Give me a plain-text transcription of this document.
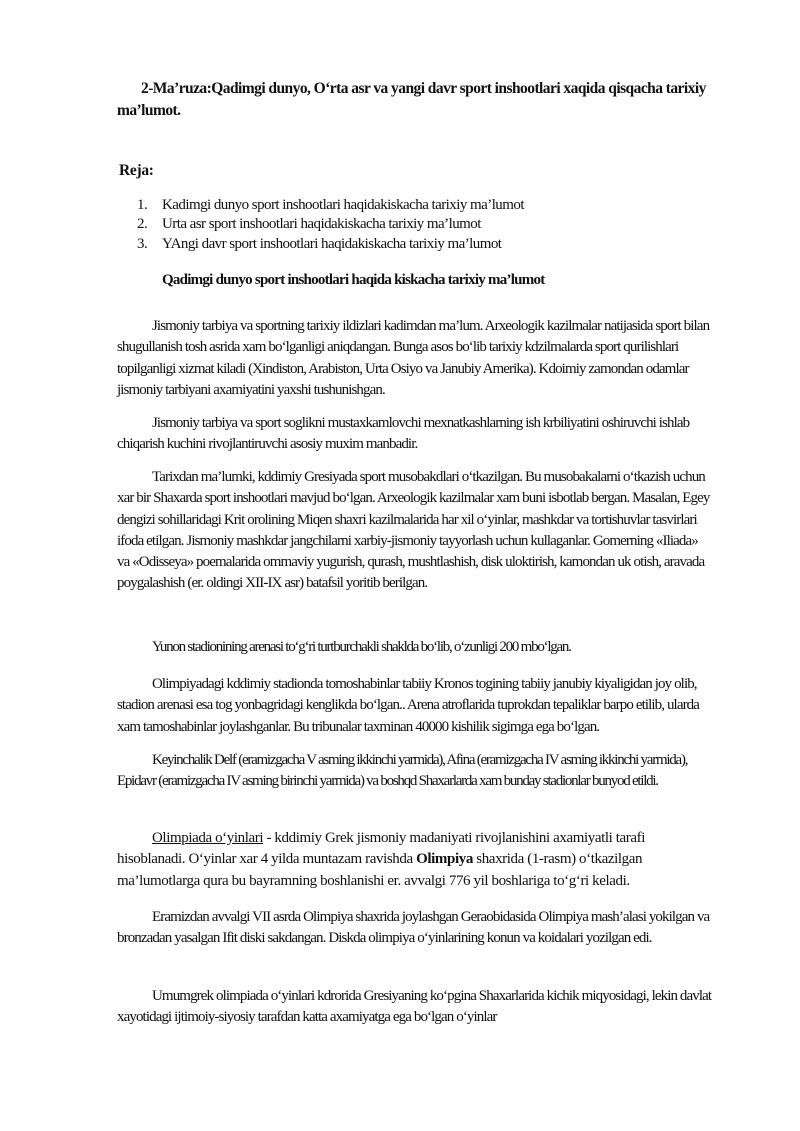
2-Ma’ruza:Qadimgi dunyo, O‘rta asr va yangi davr sport inshootlari xaqida qisqacha tarixiy ma’lumot.

Reja:

1. Kadimgi dunyo sport inshootlari haqidakiskacha tarixiy ma’lumot
2. Urta asr sport inshootlari haqidakiskacha tarixiy ma’lumot
3. YAngi davr sport inshootlari haqidakiskacha tarixiy ma’lumot

Qadimgi dunyo sport inshootlari haqida kiskacha tarixiy ma’lumot

Jismoniy tarbiya va sportning tarixiy ildizlari kadimdan ma’lum. Arxeologik kazilmalar natijasida sport bilan shugullanish tosh asrida xam bo‘lganligi aniqdangan. Bunga asos bo‘lib tarixiy kdzilmalarda sport qurilishlari topilganligi xizmat kiladi (Xindiston, Arabiston, Urta Osiyo va Janubiy Amerika). Kdoimiy zamondan odamlar jismoniy tarbiyani axamiyatini yaxshi tushunishgan.

Jismoniy tarbiya va sport soglikni mustaxkamlovchi mexnatkashlarning ish krbiliyatini oshiruvchi ishlab chiqarish kuchini rivojlantiruvchi asosiy muxim manbadir.

Tarixdan ma’lumki, kddimiy Gresiyada sport musobakdlari o‘tkazilgan. Bu musobakalarni o‘tkazish uchun xar bir Shaxarda sport inshootlari mavjud bo‘lgan. Arxeologik kazilmalar xam buni isbotlab bergan. Masalan, Egey dengizi sohillaridagi Krit orolining Miqen shaxri kazilmalarida har xil o‘yinlar, mashkdar va tortishuvlar tasvirlari ifoda etilgan. Jismoniy mashkdar jangchilarni xarbiy-jismoniy tayyorlash uchun kullaganlar. Gomerning «Iliada» va «Odisseya» poemalarida ommaviy yugurish, qurash, mushtlashish, disk uloktirish, kamondan uk otish, aravada poygalashish (er. oldingi XII-IX asr) batafsil yoritib berilgan.

Yunon stadionining arenasi to‘g‘ri turtburchakli shaklda bo‘lib, o‘zunligi 200 mbo‘lgan.

Olimpiyadagi kddimiy stadionda tomoshabinlar tabiiy Kronos togining tabiiy janubiy kiyaligidan joy olib, stadion arenasi esa tog yonbagridagi kenglikda bo‘lgan.. Arena atroflarida tuprokdan tepaliklar barpo etilib, ularda xam tamoshabinlar joylashganlar. Bu tribunalar taxminan 40000 kishilik sigimga ega bo‘lgan.

Keyinchalik Delf (eramizgacha V asming ikkinchi yarmida), Afina (eramizgacha IV asming ikkinchi yarmida), Epidavr (eramizgacha IV asming birinchi yarmida) va boshqd Shaxarlarda xam bunday stadionlar bunyod etildi.

Olimpiada o‘yinlari - kddimiy Grek jismoniy madaniyati rivojlanishini axamiyatli tarafi hisoblanadi. O‘yinlar xar 4 yilda muntazam ravishda Olimpiya shaxrida (1-rasm) o‘tkazilgan ma’lumotlarga qura bu bayramning boshlanishi er. avvalgi 776 yil boshlariga to‘g‘ri keladi.

Eramizdan avvalgi VII asrda Olimpiya shaxrida joylashgan Geraobidasida Olimpiya mash’alasi yokilgan va bronzadan yasalgan Ifit diski sakdangan. Diskda olimpiya o‘yinlarining konun va koidalari yozilgan edi.

Umumgrek olimpiada o‘yinlari kdrorida Gresiyaning ko‘pgina Shaxarlarida kichik miqyosidagi, lekin davlat xayotidagi ijtimoiy-siyosiy tarafdan katta axamiyatga ega bo‘lgan o‘yinlar
